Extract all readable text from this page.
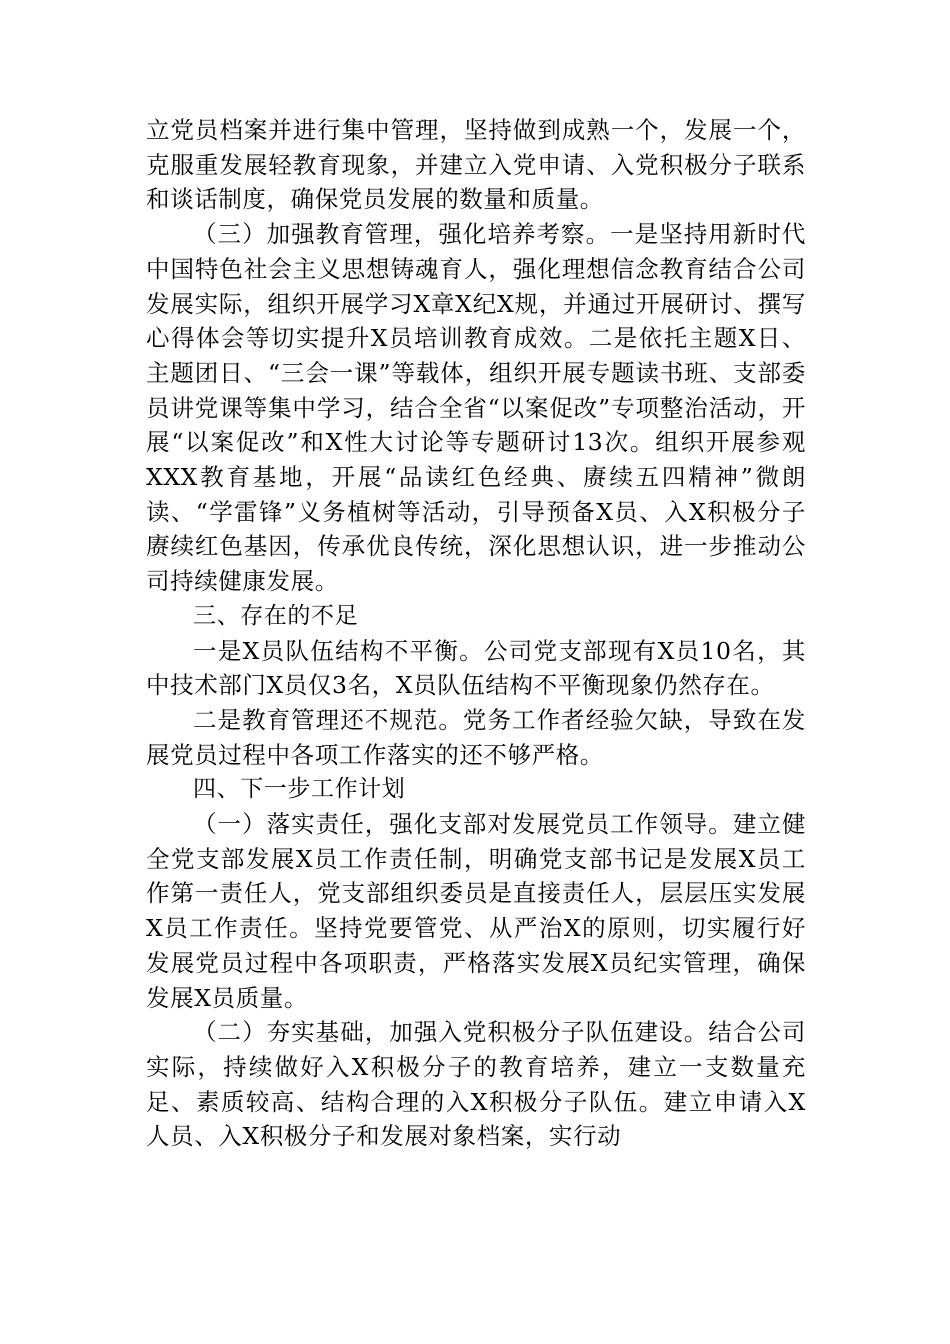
立党员档案并进行集中管理，坚持做到成熟一个，发展一个，克服重发展轻教育现象，并建立入党申请、入党积极分子联系和谈话制度，确保党员发展的数量和质量。

（三）加强教育管理，强化培养考察。一是坚持用新时代中国特色社会主义思想铸魂育人，强化理想信念教育结合公司发展实际，组织开展学习X章X纪X规，并通过开展研讨、撰写心得体会等切实提升X员培训教育成效。二是依托主题X日、主题团日、“三会一课”等载体，组织开展专题读书班、支部委员讲党课等集中学习，结合全省“以案促改”专项整治活动，开展“以案促改”和X性大讨论等专题研讨13次。组织开展参观XXX教育基地，开展“品读红色经典、赓续五四精神”微朗读、“学雷锋”义务植树等活动，引导预备X员、入X积极分子赓续红色基因，传承优良传统，深化思想认识，进一步推动公司持续健康发展。

三、存在的不足

一是X员队伍结构不平衡。公司党支部现有X员10名，其中技术部门X员仅3名，X员队伍结构不平衡现象仍然存在。

二是教育管理还不规范。党务工作者经验欠缺，导致在发展党员过程中各项工作落实的还不够严格。

四、下一步工作计划

（一）落实责任，强化支部对发展党员工作领导。建立健全党支部发展X员工作责任制，明确党支部书记是发展X员工作第一责任人，党支部组织委员是直接责任人，层层压实发展X员工作责任。坚持党要管党、从严治X的原则，切实履行好发展党员过程中各项职责，严格落实发展X员纪实管理，确保发展X员质量。

（二）夯实基础，加强入党积极分子队伍建设。结合公司实际，持续做好入X积极分子的教育培养，建立一支数量充足、素质较高、结构合理的入X积极分子队伍。建立申请入X人员、入X积极分子和发展对象档案，实行动
